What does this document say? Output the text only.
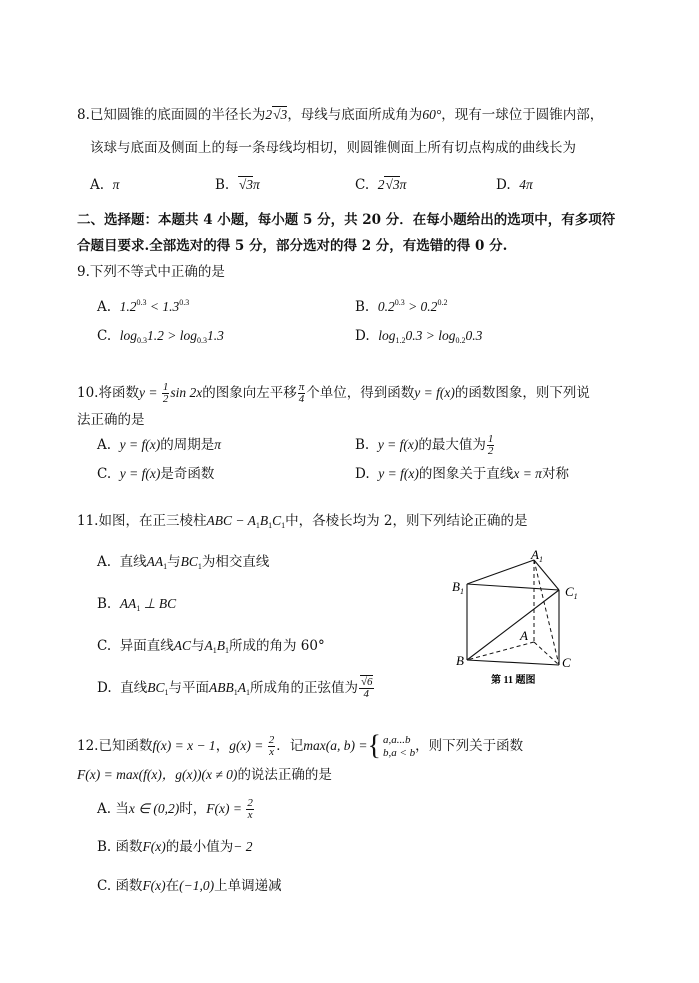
8.已知圆锥的底面圆的半径长为2√3，母线与底面所成角为60°，现有一球位于圆锥内部，
该球与底面及侧面上的每一条母线均相切，则圆锥侧面上所有切点构成的曲线长为
A. π	B. √3π	C. 2√3π	D. 4π
二、选择题：本题共 4 小题，每小题 5 分，共 20 分．在每小题给出的选项中，有多项符
合题目要求.全部选对的得 5 分，部分选对的得 2 分，有选错的得 0 分.
9.下列不等式中正确的是
A. $1.2^{0.3} < 1.3^{0.3}$	B. $0.2^{0.3} > 0.2^{0.2}$
C. $\log_{0.3}1.2 > \log_{0.3}1.3$	D. $\log_{1.2}0.3 > \log_{0.2}0.3$
10.将函数$y = \frac{1}{2}$ sin 2x的图象向左平移 $\frac{\pi}{4}$ 个单位，得到函数y = f(x)的函数图象，则下列说
法正确的是
A. y = f(x)的周期是π	B. y = f(x)的最大值为 $\frac{1}{2}$
C. y = f(x)是奇函数	D. y = f(x)的图象关于直线x = π对称
11.如图，在正三棱柱ABC − $A_1B_1C_1$中，各棱长均为 2，则下列结论正确的是
A. 直线$AA_1$与$BC_1$为相交直线
B. $AA_1$ ⊥ BC
C. 异面直线AC与$A_1B_1$所成的角为 60°
D. 直线$BC_1$与平面$ABB_1A_1$所成角的正弦值为 $\frac{√6}{4}$
$A_1$
$B_1$	$C_1$
A
B	C
第 11 题图
12.已知函数f(x) = x − 1，$g(x) = \frac{2}{x}$ ．记max(a, b) ={ a,a...b
b,a < b ，则下列关于函数
F(x) = max(f(x)，g(x))(x ≠ 0)的说法正确的是
A. 当x ∈ (0,2)时，$F(x) = \frac{2}{x}$
B. 函数F(x)的最小值为− 2
C. 函数F(x)在(−1,0)上单调递减
